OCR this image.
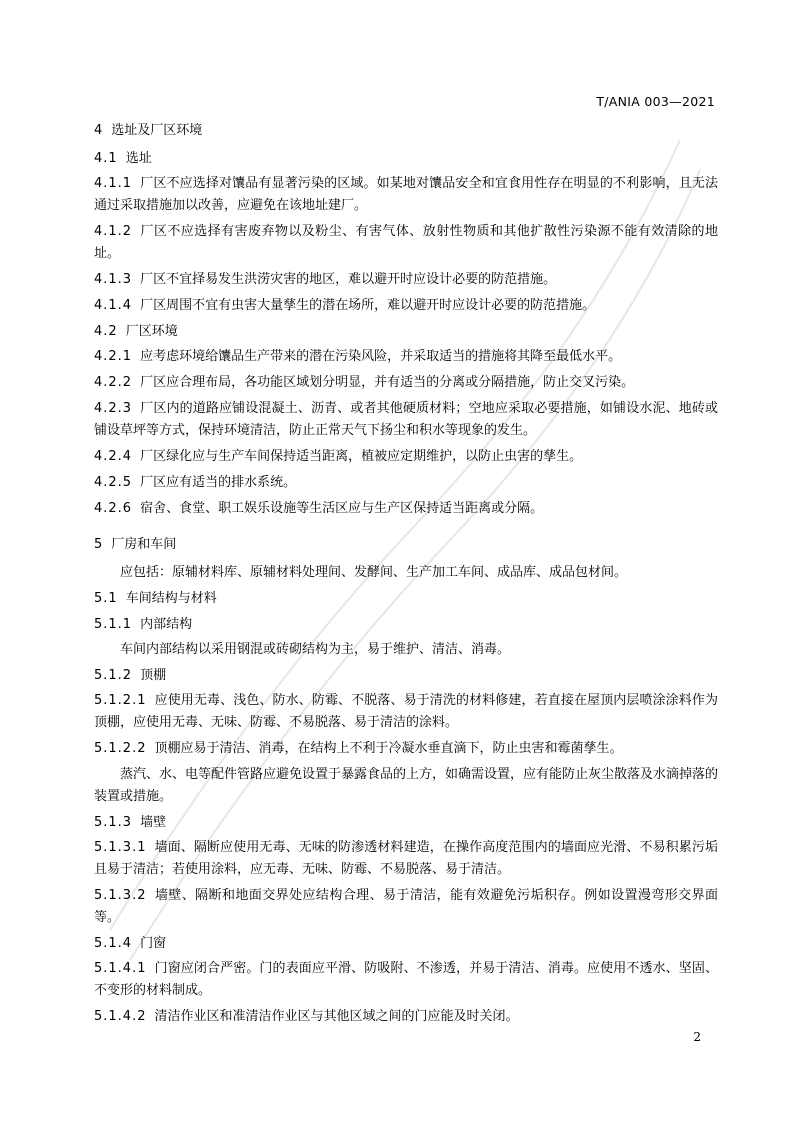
T/ANIA 003—2021
4 选址及厂区环境
4.1 选址
4.1.1 厂区不应选择对馕品有显著污染的区域。如某地对馕品安全和宜食用性存在明显的不利影响，且无法通过采取措施加以改善，应避免在该地址建厂。
4.1.2 厂区不应选择有害废弃物以及粉尘、有害气体、放射性物质和其他扩散性污染源不能有效清除的地址。
4.1.3 厂区不宜择易发生洪涝灾害的地区，难以避开时应设计必要的防范措施。
4.1.4 厂区周围不宜有虫害大量孳生的潜在场所，难以避开时应设计必要的防范措施。
4.2 厂区环境
4.2.1 应考虑环境给馕品生产带来的潜在污染风险，并采取适当的措施将其降至最低水平。
4.2.2 厂区应合理布局，各功能区域划分明显，并有适当的分离或分隔措施，防止交叉污染。
4.2.3 厂区内的道路应铺设混凝土、沥青、或者其他硬质材料；空地应采取必要措施，如铺设水泥、地砖或铺设草坪等方式，保持环境清洁，防止正常天气下扬尘和积水等现象的发生。
4.2.4 厂区绿化应与生产车间保持适当距离，植被应定期维护，以防止虫害的孳生。
4.2.5 厂区应有适当的排水系统。
4.2.6 宿舍、食堂、职工娱乐设施等生活区应与生产区保持适当距离或分隔。
5 厂房和车间
应包括：原辅材料库、原辅材料处理间、发酵间、生产加工车间、成品库、成品包材间。
5.1 车间结构与材料
5.1.1 内部结构
车间内部结构以采用钢混或砖砌结构为主，易于维护、清洁、消毒。
5.1.2 顶棚
5.1.2.1 应使用无毒、浅色、防水、防霉、不脱落、易于清洗的材料修建，若直接在屋顶内层喷涂涂料作为顶棚，应使用无毒、无味、防霉、不易脱落、易于清洁的涂料。
5.1.2.2 顶棚应易于清洁、消毒，在结构上不利于冷凝水垂直滴下，防止虫害和霉菌孳生。
蒸汽、水、电等配件管路应避免设置于暴露食品的上方，如确需设置，应有能防止灰尘散落及水滴掉落的装置或措施。
5.1.3 墙壁
5.1.3.1 墙面、隔断应使用无毒、无味的防渗透材料建造，在操作高度范围内的墙面应光滑、不易积累污垢且易于清洁；若使用涂料，应无毒、无味、防霉、不易脱落、易于清洁。
5.1.3.2 墙壁、隔断和地面交界处应结构合理、易于清洁，能有效避免污垢积存。例如设置漫弯形交界面等。
5.1.4 门窗
5.1.4.1 门窗应闭合严密。门的表面应平滑、防吸附、不渗透，并易于清洁、消毒。应使用不透水、坚固、不变形的材料制成。
5.1.4.2 清洁作业区和准清洁作业区与其他区域之间的门应能及时关闭。
2
